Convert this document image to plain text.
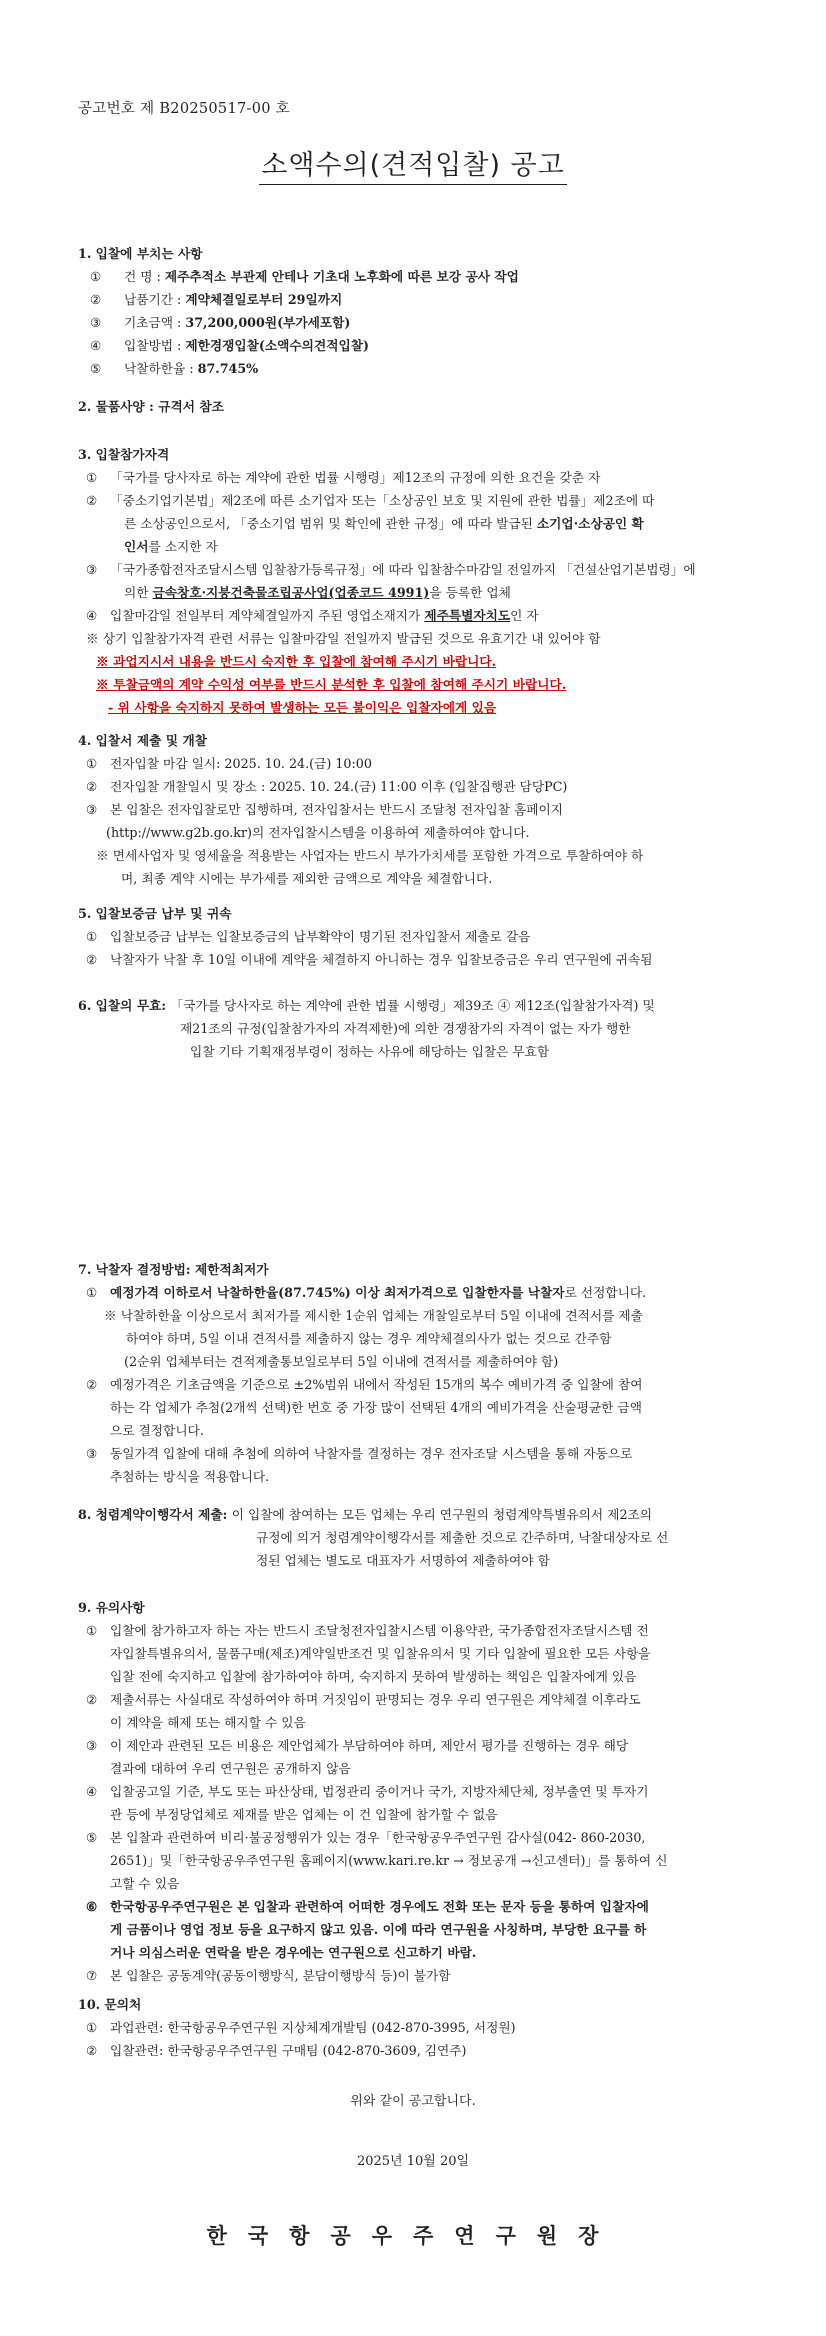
공고번호 제 B20250517-00 호
소액수의(견적입찰) 공고

1. 입찰에 부치는 사항

① 건 명 : 제주추적소 부관제 안테나 기초대 노후화에 따른 보강 공사 작업

② 납품기간 : 계약체결일로부터 29일까지

③ 기초금액 : 37,200,000원(부가세포함)

④ 입찰방법 : 제한경쟁입찰(소액수의견적입찰)

⑤ 낙찰하한율 : 87.745%

2. 물품사양 : 규격서 참조

3. 입찰참가자격

① 「국가를 당사자로 하는 계약에 관한 법률 시행령」제12조의 규정에 의한 요건을 갖춘 자

② 「중소기업기본법」제2조에 따른 소기업자 또는「소상공인 보호 및 지원에 관한 법률」제2조에 따

른 소상공인으로서, 「중소기업 범위 및 확인에 관한 규정」에 따라 발급된 소기업·소상공인 확

인서를 소지한 자

③ 「국가종합전자조달시스템 입찰참가등록규정」에 따라 입찰참수마감일 전일까지 「건설산업기본법령」에

의한 금속창호·지붕건축물조립공사업(업종코드 4991)을 등록한 업체

④ 입찰마감일 전일부터 계약체결일까지 주된 영업소재지가 제주특별자치도인 자

※ 상기 입찰참가자격 관련 서류는 입찰마감일 전일까지 발급된 것으로 유효기간 내 있어야 함

※ 과업지시서 내용을 반드시 숙지한 후 입찰에 참여해 주시기 바랍니다.

※ 투찰금액의 계약 수익성 여부를 반드시 분석한 후 입찰에 참여해 주시기 바랍니다.

- 위 사항을 숙지하지 못하여 발생하는 모든 불이익은 입찰자에게 있음

4. 입찰서 제출 및 개찰

① 전자입찰 마감 일시: 2025. 10. 24.(금) 10:00

② 전자입찰 개찰일시 및 장소 : 2025. 10. 24.(금) 11:00 이후 (입찰집행관 담당PC)

③ 본 입찰은 전자입찰로만 집행하며, 전자입찰서는 반드시 조달청 전자입찰 홈페이지

(http://www.g2b.go.kr)의 전자입찰시스템을 이용하여 제출하여야 합니다.

※ 면세사업자 및 영세율을 적용받는 사업자는 반드시 부가가치세를 포함한 가격으로 투찰하여야 하

며, 최종 계약 시에는 부가세를 제외한 금액으로 계약을 체결합니다.

5. 입찰보증금 납부 및 귀속

① 입찰보증금 납부는 입찰보증금의 납부확약이 명기된 전자입찰서 제출로 갈음

② 낙찰자가 낙찰 후 10일 이내에 계약을 체결하지 아니하는 경우 입찰보증금은 우리 연구원에 귀속됨

6. 입찰의 무효: 「국가를 당사자로 하는 계약에 관한 법률 시행령」제39조 ④ 제12조(입찰참가자격) 및

제21조의 규정(입찰참가자의 자격제한)에 의한 경쟁참가의 자격이 없는 자가 행한

입찰 기타 기획재정부령이 정하는 사유에 해당하는 입찰은 무효함

7. 낙찰자 결정방법: 제한적최저가

① 예정가격 이하로서 낙찰하한율(87.745%) 이상 최저가격으로 입찰한자를 낙찰자로 선정합니다.

※ 낙찰하한율 이상으로서 최저가를 제시한 1순위 업체는 개찰일로부터 5일 이내에 견적서를 제출

하여야 하며, 5일 이내 견적서를 제출하지 않는 경우 계약체결의사가 없는 것으로 간주함

(2순위 업체부터는 견적제출통보일로부터 5일 이내에 견적서를 제출하여야 함)

② 예정가격은 기초금액을 기준으로 ±2%범위 내에서 작성된 15개의 복수 예비가격 중 입찰에 참여

하는 각 업체가 추첨(2개씩 선택)한 번호 중 가장 많이 선택된 4개의 예비가격을 산술평균한 금액

으로 결정합니다.

③ 동일가격 입찰에 대해 추첨에 의하여 낙찰자를 결정하는 경우 전자조달 시스템을 통해 자동으로

추첨하는 방식을 적용합니다.

8. 청렴계약이행각서 제출: 이 입찰에 참여하는 모든 업체는 우리 연구원의 청렴계약특별유의서 제2조의

규정에 의거 청렴계약이행각서를 제출한 것으로 간주하며, 낙찰대상자로 선

정된 업체는 별도로 대표자가 서명하여 제출하여야 함

9. 유의사항

① 입찰에 참가하고자 하는 자는 반드시 조달청전자입찰시스템 이용약관, 국가종합전자조달시스템 전

자입찰특별유의서, 물품구매(제조)계약일반조건 및 입찰유의서 및 기타 입찰에 필요한 모든 사항을

입찰 전에 숙지하고 입찰에 참가하여야 하며, 숙지하지 못하여 발생하는 책임은 입찰자에게 있음

② 제출서류는 사실대로 작성하여야 하며 거짓임이 판명되는 경우 우리 연구원은 계약체결 이후라도

이 계약을 해제 또는 해지할 수 있음

③ 이 제안과 관련된 모든 비용은 제안업체가 부담하여야 하며, 제안서 평가를 진행하는 경우 해당

결과에 대하여 우리 연구원은 공개하지 않음

④ 입찰공고일 기준, 부도 또는 파산상태, 법정관리 중이거나 국가, 지방자체단체, 정부출연 및 투자기

관 등에 부정당업체로 제재를 받은 업체는 이 건 입찰에 참가할 수 없음

⑤ 본 입찰과 관련하여 비리·불공정행위가 있는 경우「한국항공우주연구원 감사실(042- 860-2030,

2651)」및「한국항공우주연구원 홈페이지(www.kari.re.kr → 정보공개 →신고센터)」를 통하여 신

고할 수 있음

⑥ 한국항공우주연구원은 본 입찰과 관련하여 어떠한 경우에도 전화 또는 문자 등을 통하여 입찰자에

게 금품이나 영업 정보 등을 요구하지 않고 있음. 이에 따라 연구원을 사칭하며, 부당한 요구를 하

거나 의심스러운 연락을 받은 경우에는 연구원으로 신고하기 바람.

⑦ 본 입찰은 공동계약(공동이행방식, 분담이행방식 등)이 불가함

10. 문의처

① 과업관련: 한국항공우주연구원 지상체계개발팀 (042-870-3995, 서정원)

② 입찰관련: 한국항공우주연구원 구매팀 (042-870-3609, 김연주)

위와 같이 공고합니다.
2025년 10월 20일
한국항공우주연구원장
